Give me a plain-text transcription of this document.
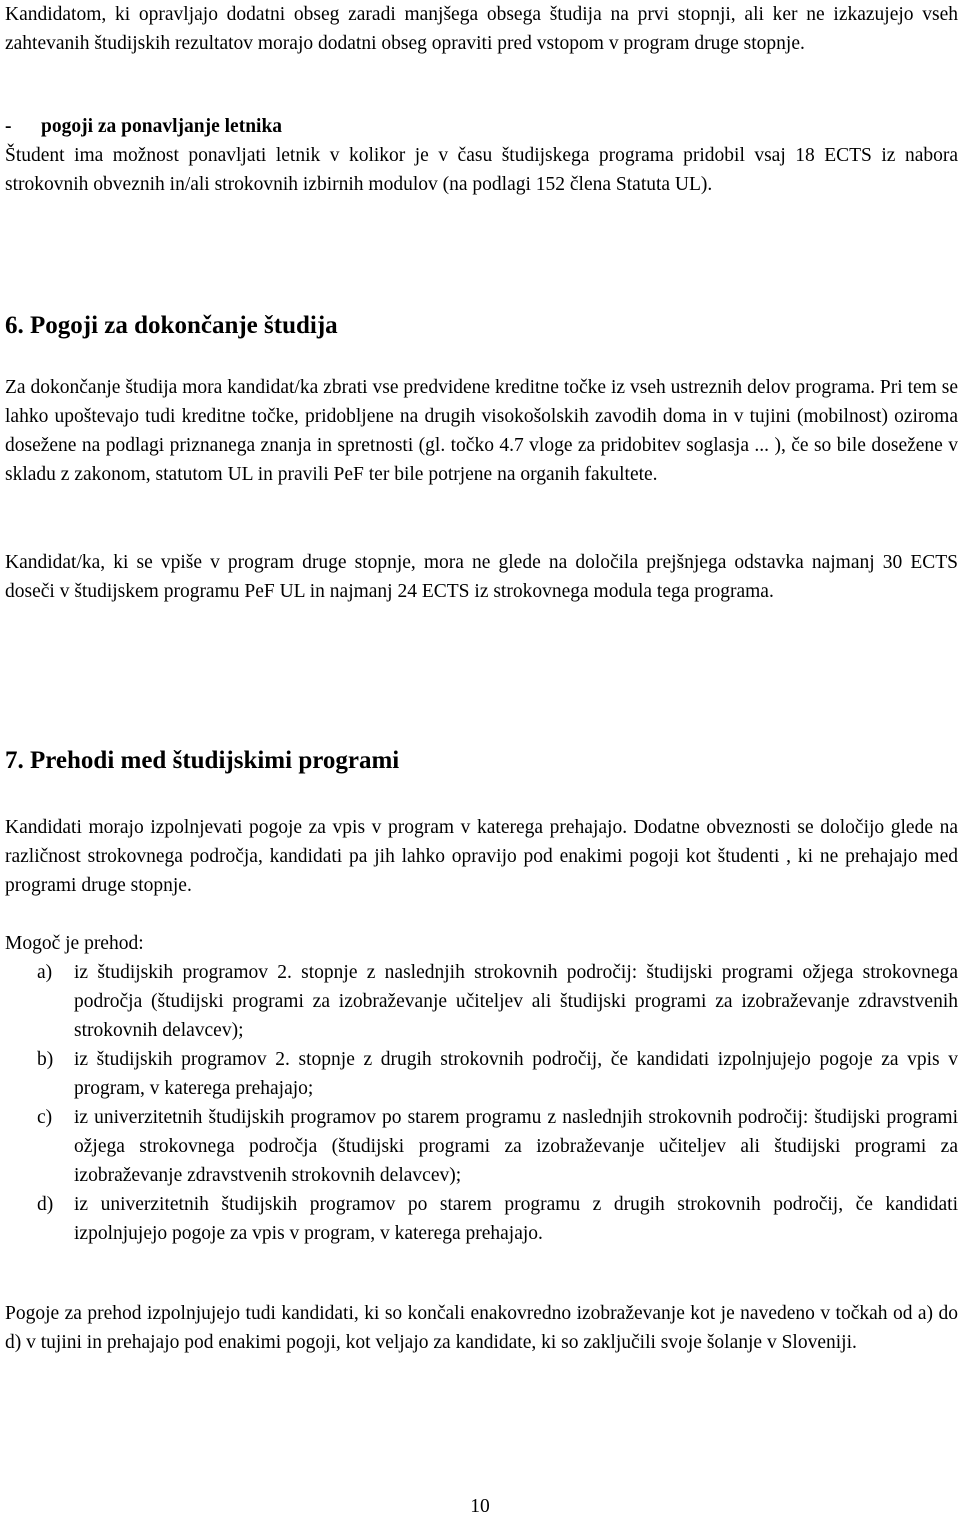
Kandidatom, ki opravljajo dodatni obseg zaradi manjšega obsega študija na prvi stopnji, ali ker ne izkazujejo vseh zahtevanih študijskih rezultatov morajo dodatni obseg opraviti pred vstopom v program druge stopnje.

- pogoji za ponavljanje letnika

Študent ima možnost ponavljati letnik v kolikor je v času študijskega programa pridobil vsaj 18 ECTS iz nabora strokovnih obveznih in/ali strokovnih izbirnih modulov (na podlagi 152 člena Statuta UL).

6. Pogoji za dokončanje študija

Za dokončanje študija mora kandidat/ka zbrati vse predvidene kreditne točke iz vseh ustreznih delov programa. Pri tem se lahko upoštevajo tudi kreditne točke, pridobljene na drugih visokošolskih zavodih doma in v tujini (mobilnost) oziroma dosežene na podlagi priznanega znanja in spretnosti (gl. točko 4.7 vloge za pridobitev soglasja ... ), če so bile dosežene v skladu z zakonom, statutom UL in pravili PeF ter bile potrjene na organih fakultete.

Kandidat/ka, ki se vpiše v program druge stopnje, mora ne glede na določila prejšnjega odstavka najmanj 30 ECTS doseči v študijskem programu PeF UL in najmanj 24 ECTS iz strokovnega modula tega programa.

7. Prehodi med študijskimi programi

Kandidati morajo izpolnjevati pogoje za vpis v program v katerega prehajajo. Dodatne obveznosti se določijo glede na različnost strokovnega področja, kandidati pa jih lahko opravijo pod enakimi pogoji kot študenti , ki ne prehajajo med programi druge stopnje.

Mogoč je prehod:
a) iz študijskih programov 2. stopnje z naslednjih strokovnih področij: študijski programi ožjega strokovnega področja (študijski programi za izobraževanje učiteljev ali študijski programi za izobraževanje zdravstvenih strokovnih delavcev);
b) iz študijskih programov 2. stopnje z drugih strokovnih področij, če kandidati izpolnjujejo pogoje za vpis v program, v katerega prehajajo;
c) iz univerzitetnih študijskih programov po starem programu z naslednjih strokovnih področij: študijski programi ožjega strokovnega področja (študijski programi za izobraževanje učiteljev ali študijski programi za izobraževanje zdravstvenih strokovnih delavcev);
d) iz univerzitetnih študijskih programov po starem programu z drugih strokovnih področij, če kandidati izpolnjujejo pogoje za vpis v program, v katerega prehajajo.

Pogoje za prehod izpolnjujejo tudi kandidati, ki so končali enakovredno izobraževanje kot je navedeno v točkah od a) do d) v tujini in prehajajo pod enakimi pogoji, kot veljajo za kandidate, ki so zaključili svoje šolanje v Sloveniji.

10
